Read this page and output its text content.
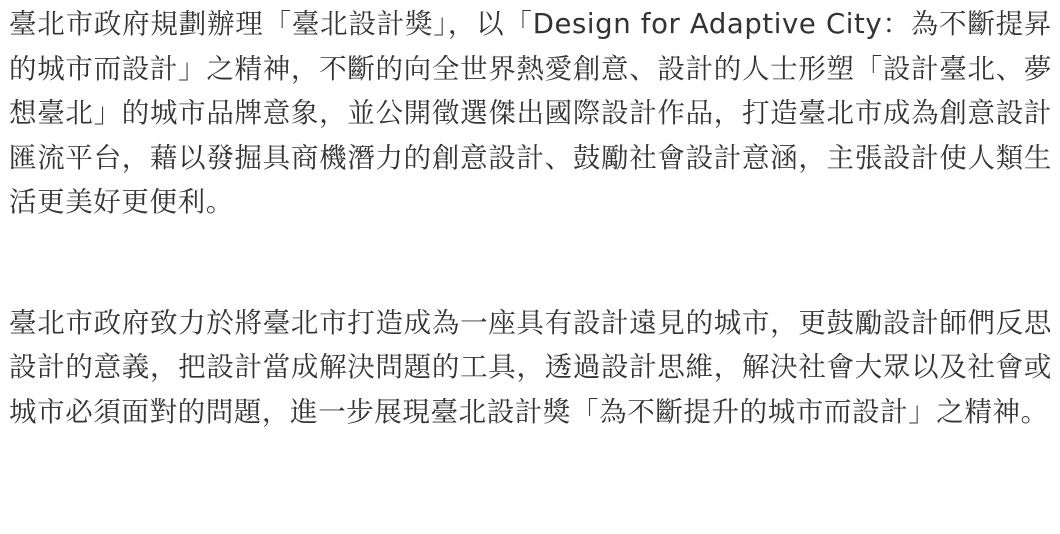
臺北市政府規劃辦理「臺北設計獎」，以「Design for Adaptive City：為不斷提昇的城市而設計」之精神，不斷的向全世界熱愛創意、設計的人士形塑「設計臺北、夢想臺北」的城市品牌意象，並公開徵選傑出國際設計作品，打造臺北市成為創意設計匯流平台，藉以發掘具商機潛力的創意設計、鼓勵社會設計意涵，主張設計使人類生活更美好更便利。

臺北市政府致力於將臺北市打造成為一座具有設計遠見的城市，更鼓勵設計師們反思設計的意義，把設計當成解決問題的工具，透過設計思維，解決社會大眾以及社會或城市必須面對的問題，進一步展現臺北設計獎「為不斷提升的城市而設計」之精神。
